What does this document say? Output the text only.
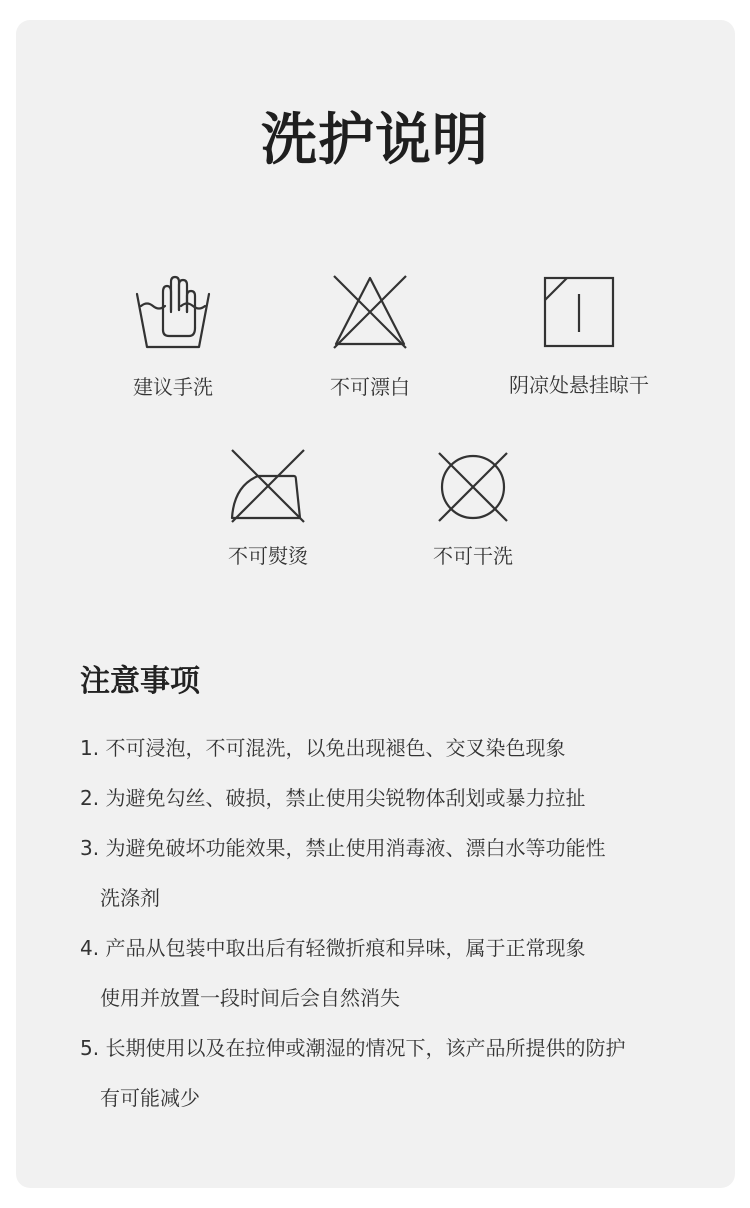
洗护说明
建议手洗	不可漂白	阴凉处悬挂晾干
不可熨烫	不可干洗
注意事项
1. 不可浸泡，不可混洗，以免出现褪色、交叉染色现象
2. 为避免勾丝、破损，禁止使用尖锐物体刮划或暴力拉扯
3. 为避免破坏功能效果，禁止使用消毒液、漂白水等功能性
洗涤剂
4. 产品从包装中取出后有轻微折痕和异味，属于正常现象
使用并放置一段时间后会自然消失
5. 长期使用以及在拉伸或潮湿的情况下，该产品所提供的防护
有可能减少
